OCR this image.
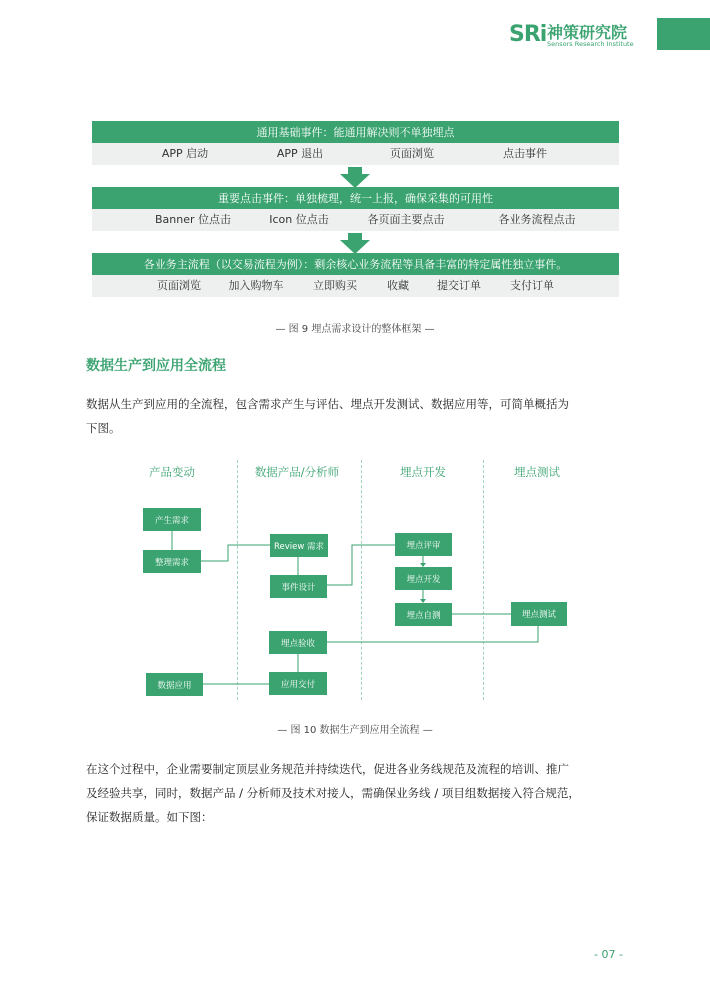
SRi 神策研究院
Sensors Research Institute
通用基础事件：能通用解决则不单独埋点
APP 启动	APP 退出	页面浏览	点击事件
重要点击事件：单独梳理，统一上报，确保采集的可用性
Banner 位点击	Icon 位点击	各页面主要点击	各业务流程点击
各业务主流程（以交易流程为例）：剩余核心业务流程等具备丰富的特定属性独立事件。
页面浏览	加入购物车	立即购买	收藏	提交订单	支付订单
— 图 9 埋点需求设计的整体框架 —
数据生产到应用全流程
数据从生产到应用的全流程，包含需求产生与评估、埋点开发测试、数据应用等，可简单概括为
下图。
产品变动	数据产品/分析师	埋点开发	埋点测试
产生需求
整理需求
Review 需求
事件设计
埋点评审
埋点开发
埋点自测	埋点测试
埋点验收
应用交付
数据应用
— 图 10 数据生产到应用全流程 —
在这个过程中，企业需要制定顶层业务规范并持续迭代，促进各业务线规范及流程的培训、推广
及经验共享，同时，数据产品 / 分析师及技术对接人，需确保业务线 / 项目组数据接入符合规范，
保证数据质量。如下图：
- 07 -
